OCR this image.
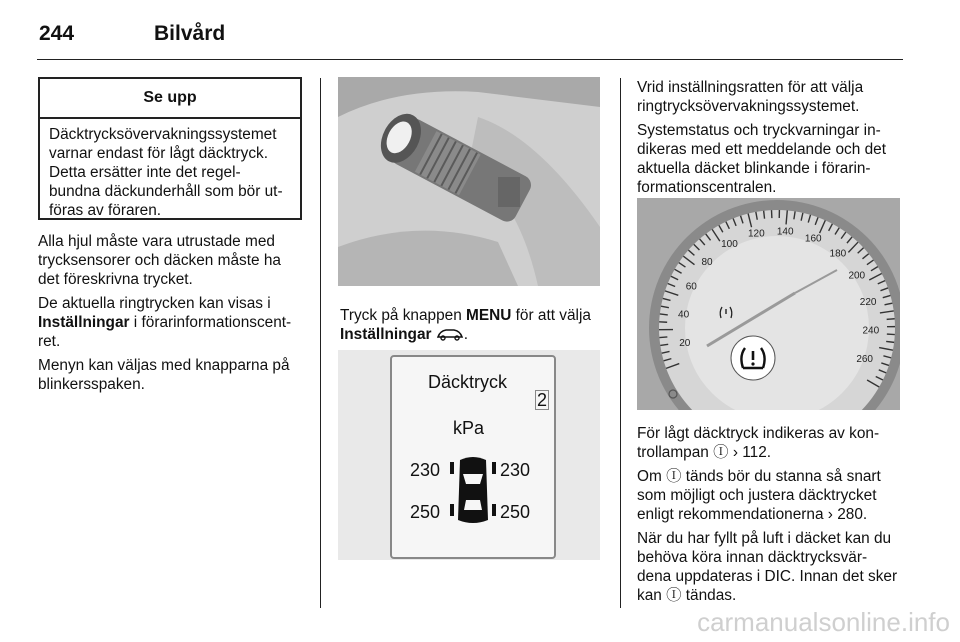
244	Bilvård
Se upp
Däcktrycksövervakningssystemet
varnar endast för lågt däcktryck.
Detta ersätter inte det regel-
bundna däckunderhåll som bör ut-
föras av föraren.

Alla hjul måste vara utrustade med
trycksensorer och däcken måste ha
det föreskrivna trycket.

De aktuella ringtrycken kan visas i
Inställningar i förarinformationscent-
ret.

Menyn kan väljas med knapparna på
blinkersspaken.

Tryck på knappen MENU för att välja
Inställningar .

Däcktryck
2
kPa
230	230
250	250

Vrid inställningsratten för att välja
ringtrycksövervakningssystemet.

Systemstatus och tryckvarningar in-
dikeras med ett meddelande och det
aktuella däcket blinkande i förarin-
formationscentralen.

20
40
60
80
100
120 140
160
180
200
220
240
260

För lågt däcktryck indikeras av kon-
trollampan Ⓘ › 112.

Om Ⓘ tänds bör du stanna så snart
som möjligt och justera däcktrycket
enligt rekommendationerna › 280.

När du har fyllt på luft i däcket kan du
behöva köra innan däcktrycksvär-
dena uppdateras i DIC. Innan det sker
kan Ⓘ tändas.

carmanualsonline.info
